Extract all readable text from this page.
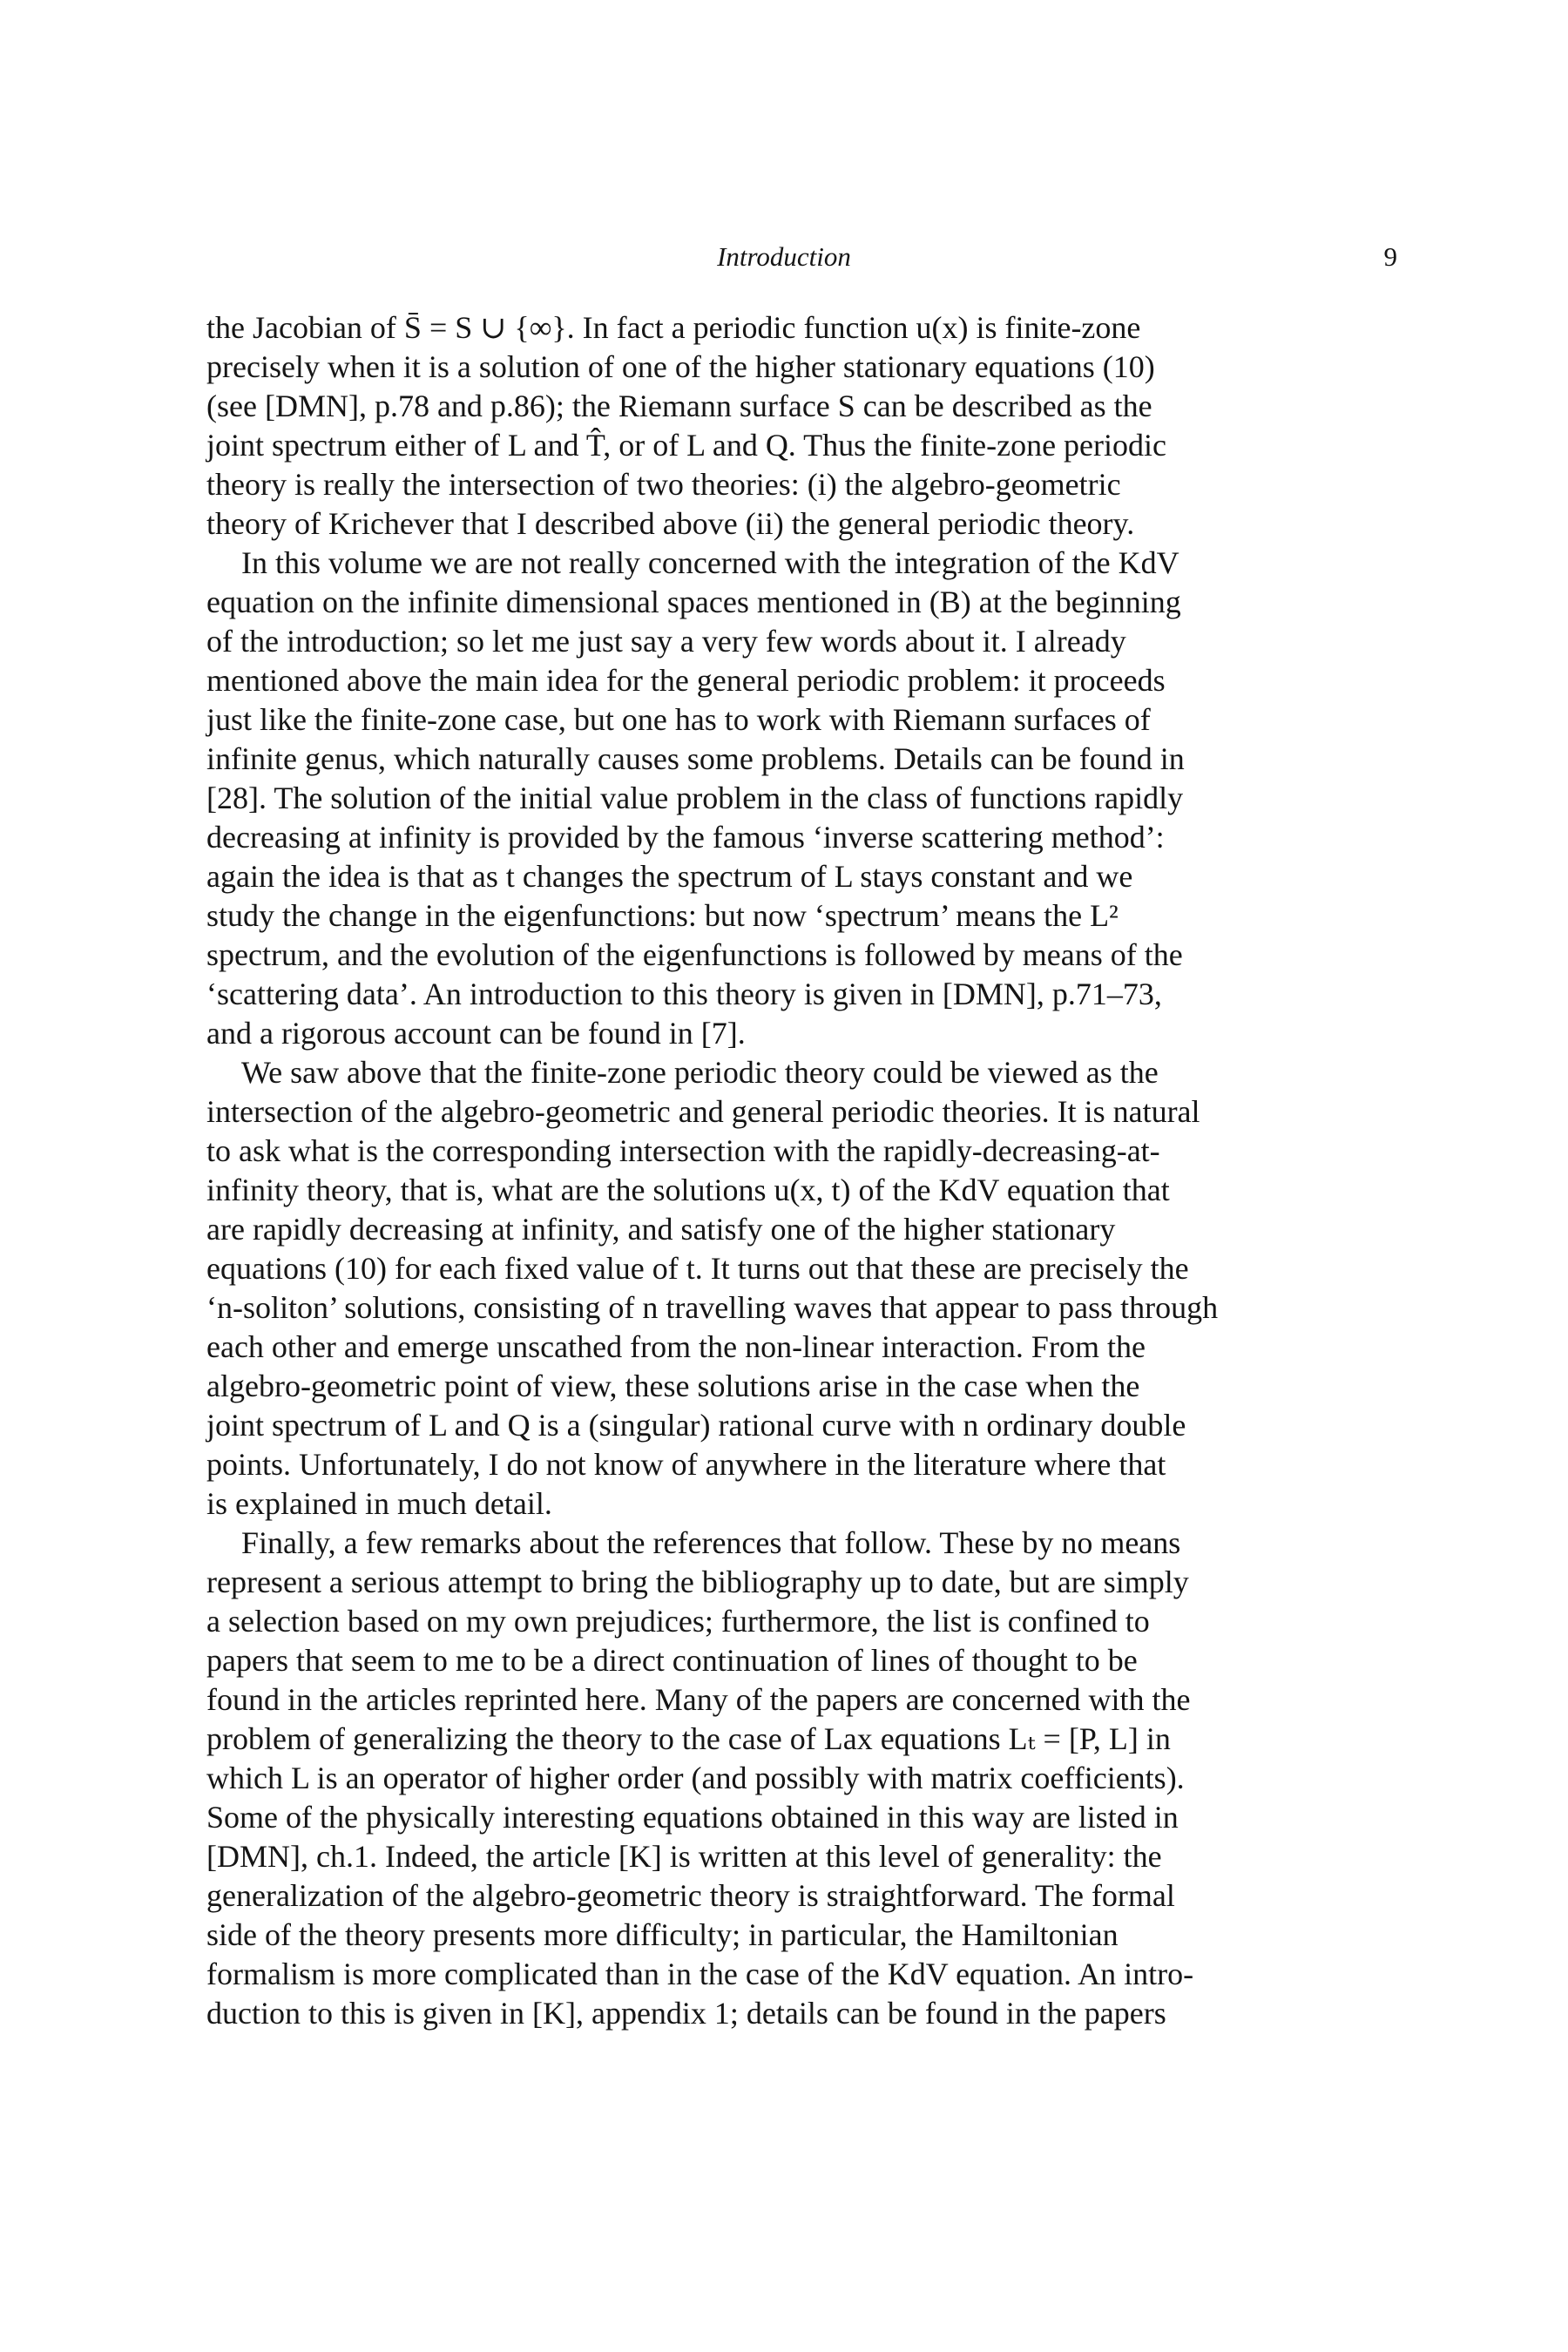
Introduction	9
the Jacobian of S̄ = S ∪ {∞}. In fact a periodic function u(x) is finite-zone
precisely when it is a solution of one of the higher stationary equations (10)
(see [DMN], p.78 and p.86); the Riemann surface S can be described as the
joint spectrum either of L and T̂, or of L and Q. Thus the finite-zone periodic
theory is really the intersection of two theories: (i) the algebro-geometric
theory of Krichever that I described above (ii) the general periodic theory.
In this volume we are not really concerned with the integration of the KdV
equation on the infinite dimensional spaces mentioned in (B) at the beginning
of the introduction; so let me just say a very few words about it. I already
mentioned above the main idea for the general periodic problem: it proceeds
just like the finite-zone case, but one has to work with Riemann surfaces of
infinite genus, which naturally causes some problems. Details can be found in
[28]. The solution of the initial value problem in the class of functions rapidly
decreasing at infinity is provided by the famous ‘inverse scattering method’:
again the idea is that as t changes the spectrum of L stays constant and we
study the change in the eigenfunctions: but now ‘spectrum’ means the L²
spectrum, and the evolution of the eigenfunctions is followed by means of the
‘scattering data’. An introduction to this theory is given in [DMN], p.71–73,
and a rigorous account can be found in [7].
We saw above that the finite-zone periodic theory could be viewed as the
intersection of the algebro-geometric and general periodic theories. It is natural
to ask what is the corresponding intersection with the rapidly-decreasing-at-
infinity theory, that is, what are the solutions u(x, t) of the KdV equation that
are rapidly decreasing at infinity, and satisfy one of the higher stationary
equations (10) for each fixed value of t. It turns out that these are precisely the
‘n-soliton’ solutions, consisting of n travelling waves that appear to pass through
each other and emerge unscathed from the non-linear interaction. From the
algebro-geometric point of view, these solutions arise in the case when the
joint spectrum of L and Q is a (singular) rational curve with n ordinary double
points. Unfortunately, I do not know of anywhere in the literature where that
is explained in much detail.
Finally, a few remarks about the references that follow. These by no means
represent a serious attempt to bring the bibliography up to date, but are simply
a selection based on my own prejudices; furthermore, the list is confined to
papers that seem to me to be a direct continuation of lines of thought to be
found in the articles reprinted here. Many of the papers are concerned with the
problem of generalizing the theory to the case of Lax equations Lₜ = [P, L] in
which L is an operator of higher order (and possibly with matrix coefficients).
Some of the physically interesting equations obtained in this way are listed in
[DMN], ch.1. Indeed, the article [K] is written at this level of generality: the
generalization of the algebro-geometric theory is straightforward. The formal
side of the theory presents more difficulty; in particular, the Hamiltonian
formalism is more complicated than in the case of the KdV equation. An intro-
duction to this is given in [K], appendix 1; details can be found in the papers
